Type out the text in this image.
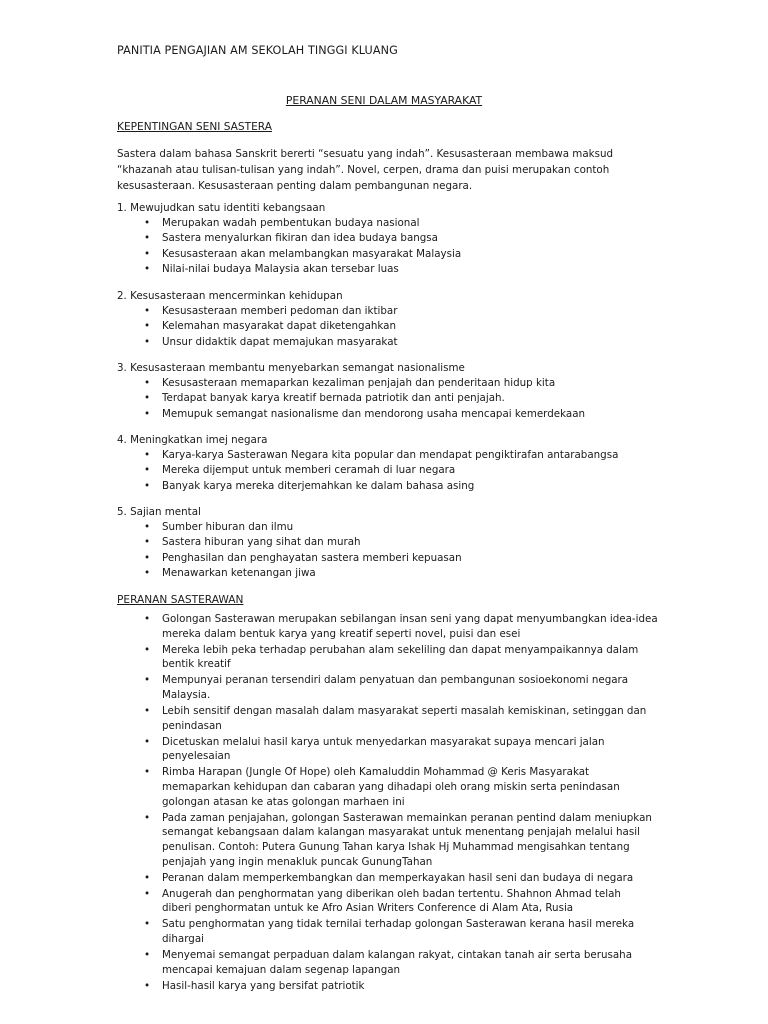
PANITIA PENGAJIAN AM SEKOLAH TINGGI KLUANG
PERANAN SENI DALAM MASYARAKAT
KEPENTINGAN SENI SASTERA

Sastera dalam bahasa Sanskrit bererti “sesuatu yang indah”. Kesusasteraan membawa maksud

“khazanah atau tulisan-tulisan yang indah”. Novel, cerpen, drama dan puisi merupakan contoh

kesusasteraan. Kesusasteraan penting dalam pembangunan negara.

1. Mewujudkan satu identiti kebangsaan
• Merupakan wadah pembentukan budaya nasional
• Sastera menyalurkan fikiran dan idea budaya bangsa
• Kesusasteraan akan melambangkan masyarakat Malaysia
• Nilai-nilai budaya Malaysia akan tersebar luas
2. Kesusasteraan mencerminkan kehidupan
• Kesusasteraan memberi pedoman dan iktibar
• Kelemahan masyarakat dapat diketengahkan
• Unsur didaktik dapat memajukan masyarakat
3. Kesusasteraan membantu menyebarkan semangat nasionalisme
• Kesusasteraan memaparkan kezaliman penjajah dan penderitaan hidup kita
• Terdapat banyak karya kreatif bernada patriotik dan anti penjajah.
• Memupuk semangat nasionalisme dan mendorong usaha mencapai kemerdekaan
4. Meningkatkan imej negara
• Karya-karya Sasterawan Negara kita popular dan mendapat pengiktirafan antarabangsa
• Mereka dijemput untuk memberi ceramah di luar negara
• Banyak karya mereka diterjemahkan ke dalam bahasa asing
5. Sajian mental
• Sumber hiburan dan ilmu
• Sastera hiburan yang sihat dan murah
• Penghasilan dan penghayatan sastera memberi kepuasan
• Menawarkan ketenangan jiwa
PERANAN SASTERAWAN
• Golongan Sasterawan merupakan sebilangan insan seni yang dapat menyumbangkan idea-idea
mereka dalam bentuk karya yang kreatif seperti novel, puisi dan esei
• Mereka lebih peka terhadap perubahan alam sekeliling dan dapat menyampaikannya dalam
bentik kreatif
• Mempunyai peranan tersendiri dalam penyatuan dan pembangunan sosioekonomi negara
Malaysia.
• Lebih sensitif dengan masalah dalam masyarakat seperti masalah kemiskinan, setinggan dan
penindasan
• Dicetuskan melalui hasil karya untuk menyedarkan masyarakat supaya mencari jalan
penyelesaian
• Rimba Harapan (Jungle Of Hope) oleh Kamaluddin Mohammad @ Keris Masyarakat
memaparkan kehidupan dan cabaran yang dihadapi oleh orang miskin serta penindasan
golongan atasan ke atas golongan marhaen ini
• Pada zaman penjajahan, golongan Sasterawan memainkan peranan pentind dalam meniupkan
semangat kebangsaan dalam kalangan masyarakat untuk menentang penjajah melalui hasil
penulisan. Contoh: Putera Gunung Tahan karya Ishak Hj Muhammad mengisahkan tentang
penjajah yang ingin menakluk puncak GunungTahan
• Peranan dalam memperkembangkan dan memperkayakan hasil seni dan budaya di negara
• Anugerah dan penghormatan yang diberikan oleh badan tertentu. Shahnon Ahmad telah
diberi penghormatan untuk ke Afro Asian Writers Conference di Alam Ata, Rusia
• Satu penghormatan yang tidak ternilai terhadap golongan Sasterawan kerana hasil mereka
dihargai
• Menyemai semangat perpaduan dalam kalangan rakyat, cintakan tanah air serta berusaha
mencapai kemajuan dalam segenap lapangan
• Hasil-hasil karya yang bersifat patriotik
